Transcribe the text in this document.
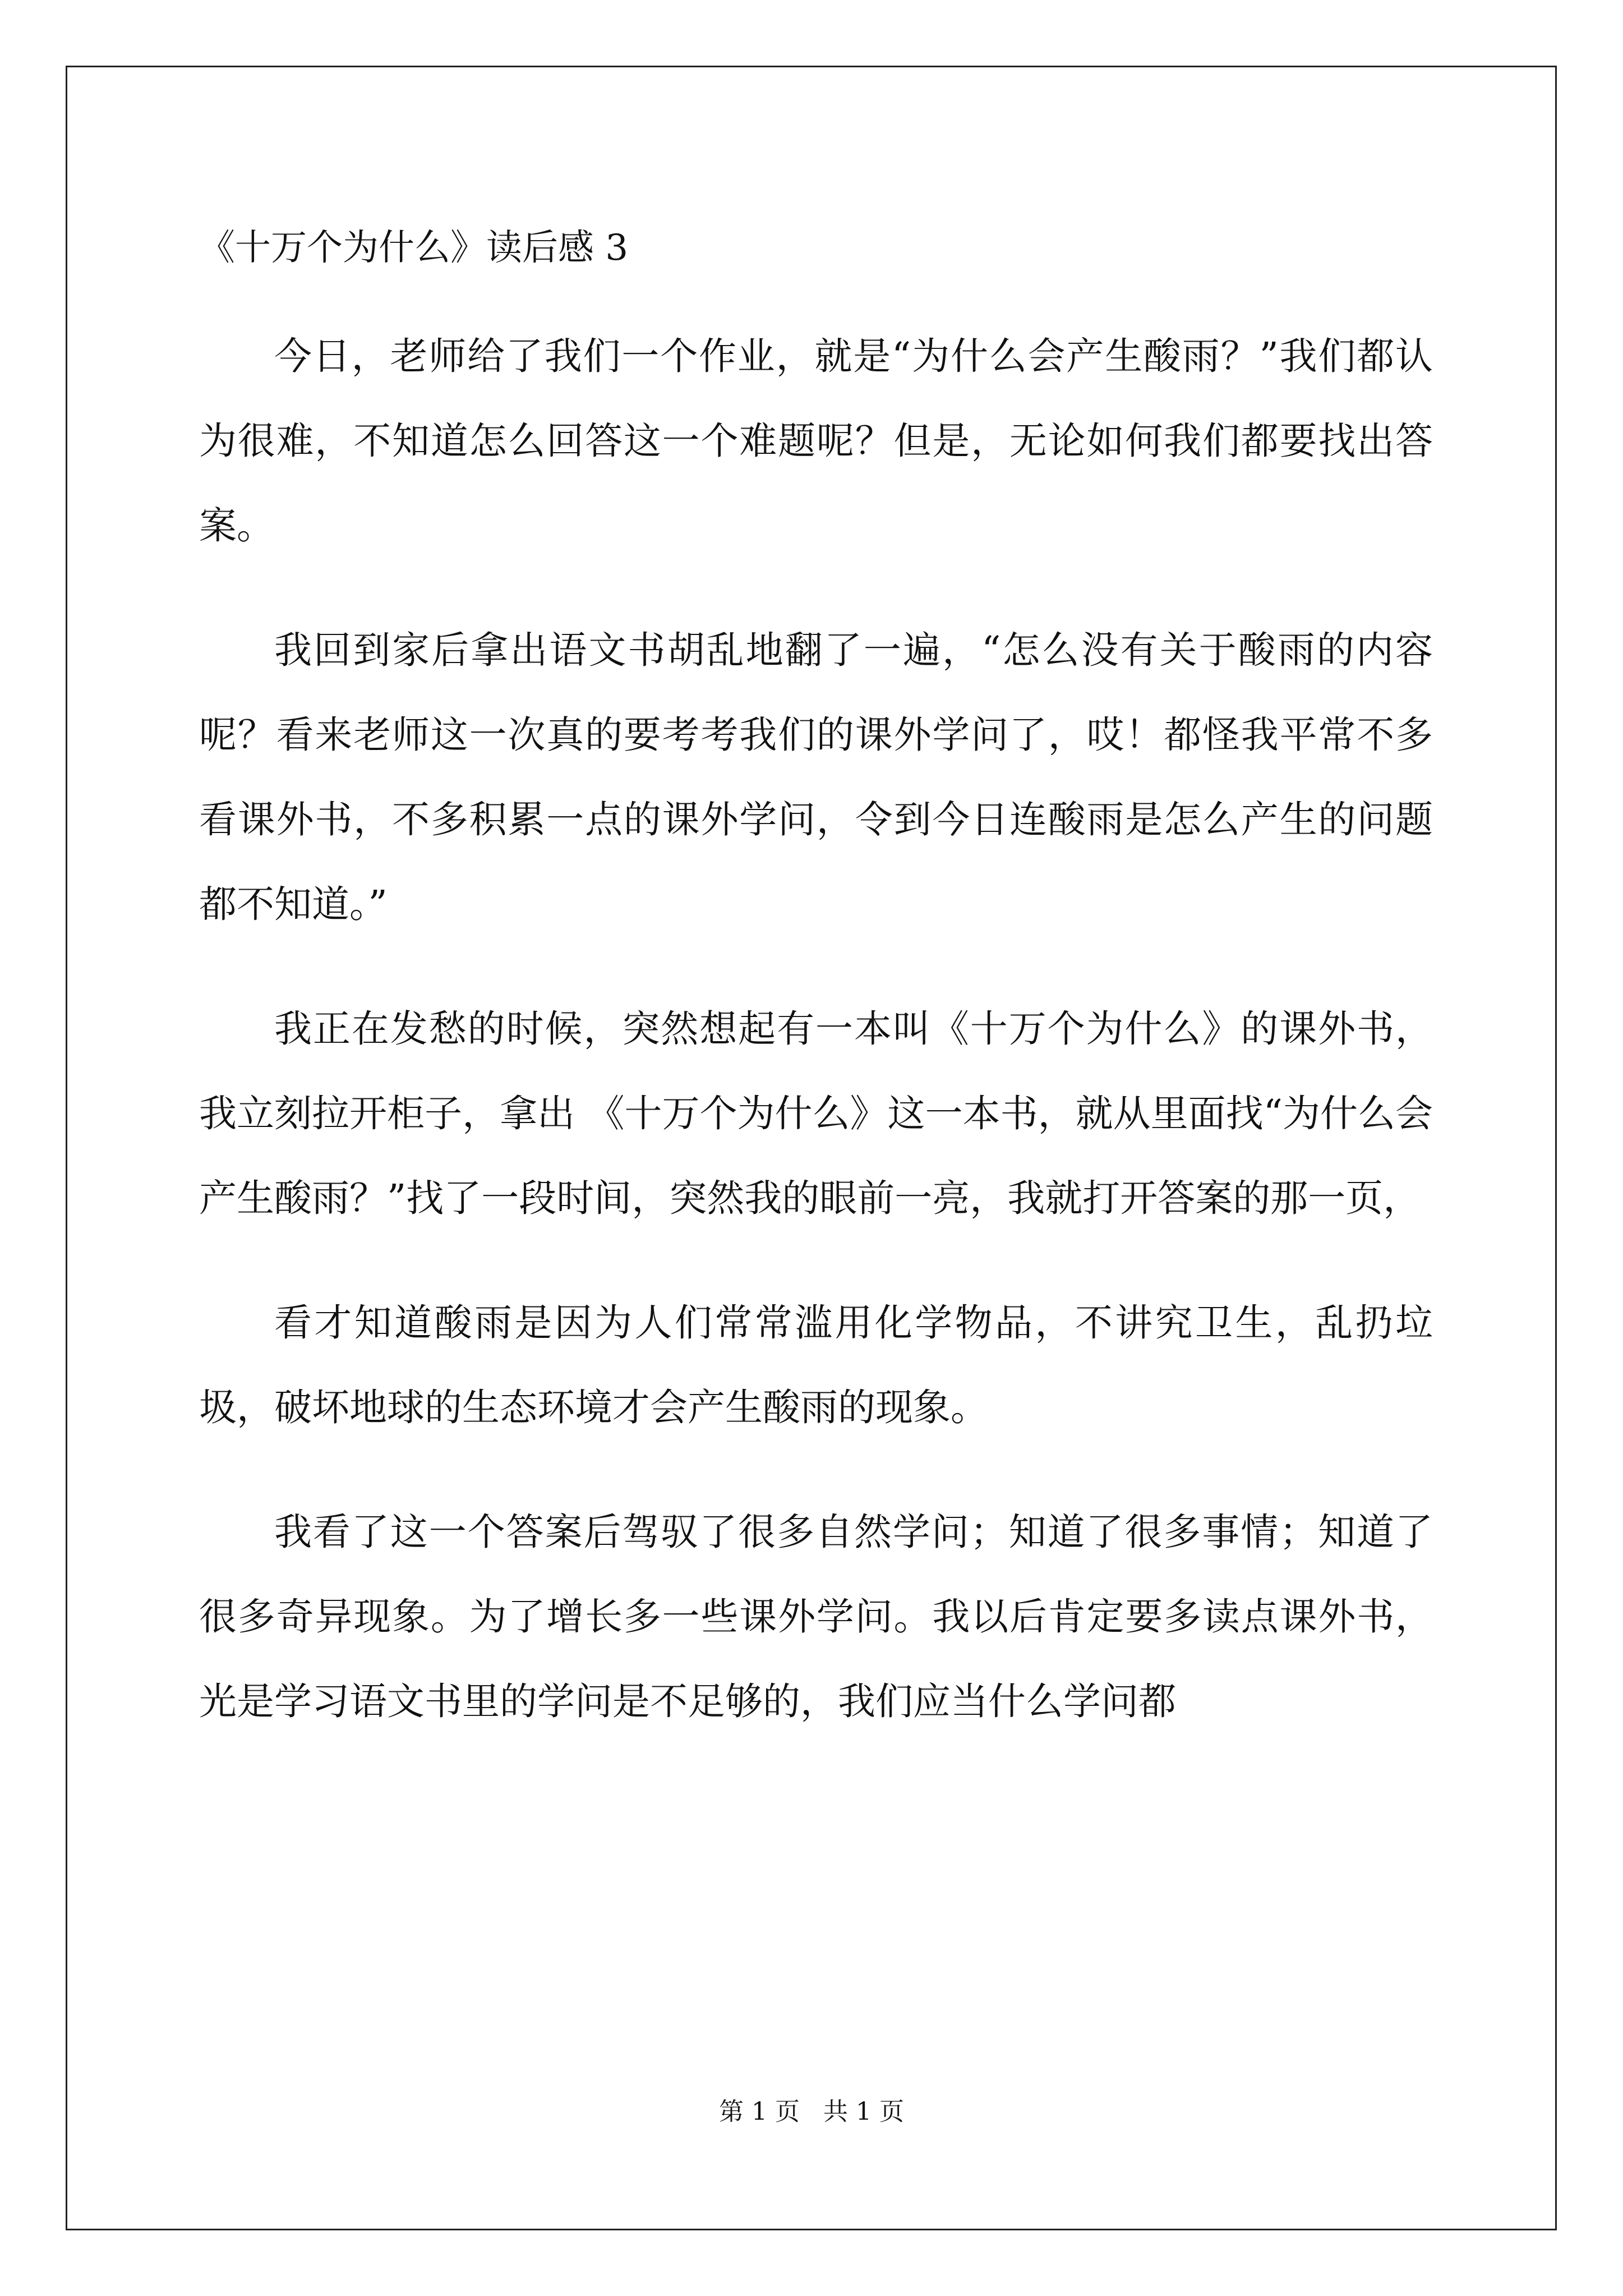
《十万个为什么》读后感 3

今日，老师给了我们一个作业，就是“为什么会产生酸雨？”我们都认为很难，不知道怎么回答这一个难题呢？但是，无论如何我们都要找出答案。

我回到家后拿出语文书胡乱地翻了一遍，“怎么没有关于酸雨的内容呢？看来老师这一次真的要考考我们的课外学问了，哎！都怪我平常不多看课外书，不多积累一点的课外学问，令到今日连酸雨是怎么产生的问题都不知道。”

我正在发愁的时候，突然想起有一本叫《十万个为什么》的课外书，我立刻拉开柜子，拿出 《十万个为什么》这一本书，就从里面找“为什么会产生酸雨？”找了一段时间，突然我的眼前一亮，我就打开答案的那一页，

看才知道酸雨是因为人们常常滥用化学物品，不讲究卫生，乱扔垃圾，破坏地球的生态环境才会产生酸雨的现象。

我看了这一个答案后驾驭了很多自然学问；知道了很多事情；知道了很多奇异现象。为了增长多一些课外学问。我以后肯定要多读点课外书，光是学习语文书里的学问是不足够的，我们应当什么学问都

第 1 页   共 1 页
